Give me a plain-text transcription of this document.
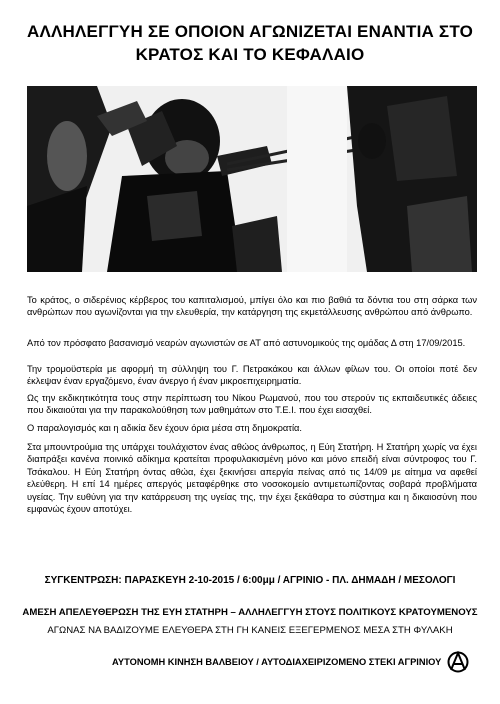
ΑΛΛΗΛΕΓΓΥΗ ΣΕ ΟΠΟΙΟΝ ΑΓΩΝΙΖΕΤΑΙ ΕΝΑΝΤΙΑ ΣΤΟ
ΚΡΑΤΟΣ ΚΑΙ ΤΟ ΚΕΦΑΛΑΙΟ

Το κράτος, ο σιδερένιος κέρβερος του καπιταλισμού, μπίγει όλο και πιο βαθιά τα δόντια του στη σάρκα των ανθρώπων που αγωνίζονται για την ελευθερία, την κατάργηση της εκμετάλλευσης ανθρώπου από άνθρωπο.

Από τον πρόσφατο βασανισμό νεαρών αγωνιστών σε ΑΤ από αστυνομικούς της ομάδας Δ στη 17/09/2015.

Την τρομοϋστερία με αφορμή τη σύλληψη του Γ. Πετρακάκου και άλλων φίλων του. Οι οποίοι ποτέ δεν έκλεψαν έναν εργαζόμενο, έναν άνεργο ή έναν μικροεπιχειρηματία.

Ως την εκδικητικότητα τους στην περίπτωση του Νίκου Ρωμανού, που του στερούν τις εκπαιδευτικές άδειες που δικαιούται για την παρακολούθηση των μαθημάτων στο Τ.Ε.Ι. που έχει εισαχθεί.

Ο παραλογισμός και η αδικία δεν έχουν όρια μέσα στη δημοκρατία.

Στα μπουντρούμια της υπάρχει τουλάχιστον ένας αθώος άνθρωπος, η Εύη Στατήρη. Η Στατήρη χωρίς να έχει διαπράξει κανένα ποινικό αδίκημα κρατείται προφυλακισμένη μόνο και μόνο επειδή είναι σύντροφος του Γ. Τσάκαλου. Η Εύη Στατήρη όντας αθώα, έχει ξεκινήσει απεργία πείνας από τις 14/09 με αίτημα να αφεθεί ελεύθερη. Η επί 14 ημέρες απεργός μεταφέρθηκε στο νοσοκομείο αντιμετωπίζοντας σοβαρά προβλήματα υγείας. Την ευθύνη για την κατάρρευση της υγείας της, την έχει ξεκάθαρα το σύστημα και η δικαιοσύνη που εμφανώς έχουν αποτύχει.

ΣΥΓΚΕΝΤΡΩΣΗ: ΠΑΡΑΣΚΕΥΗ 2-10-2015 / 6:00μμ / ΑΓΡΙΝΙΟ - ΠΛ. ΔΗΜΑΔΗ / ΜΕΣΟΛΟΓΙ
ΑΜΕΣΗ ΑΠΕΛΕΥΘΕΡΩΣΗ ΤΗΣ ΕΥΗ ΣΤΑΤΗΡΗ – ΑΛΛΗΛΕΓΓΥΗ ΣΤΟΥΣ ΠΟΛΙΤΙΚΟΥΣ ΚΡΑΤΟΥΜΕΝΟΥΣ
ΑΓΩΝΑΣ ΝΑ ΒΑΔΙΖΟΥΜΕ ΕΛΕΥΘΕΡΑ ΣΤΗ ΓΗ ΚΑΝΕΙΣ ΕΞΕΓΕΡΜΕΝΟΣ ΜΕΣΑ ΣΤΗ ΦΥΛΑΚΗ
ΑΥΤΟΝΟΜΗ ΚΙΝΗΣΗ ΒΑΛΒΕΙΟΥ / ΑΥΤΟΔΙΑΧΕΙΡΙΖΟΜΕΝΟ ΣΤΕΚΙ ΑΓΡΙΝΙΟΥ
